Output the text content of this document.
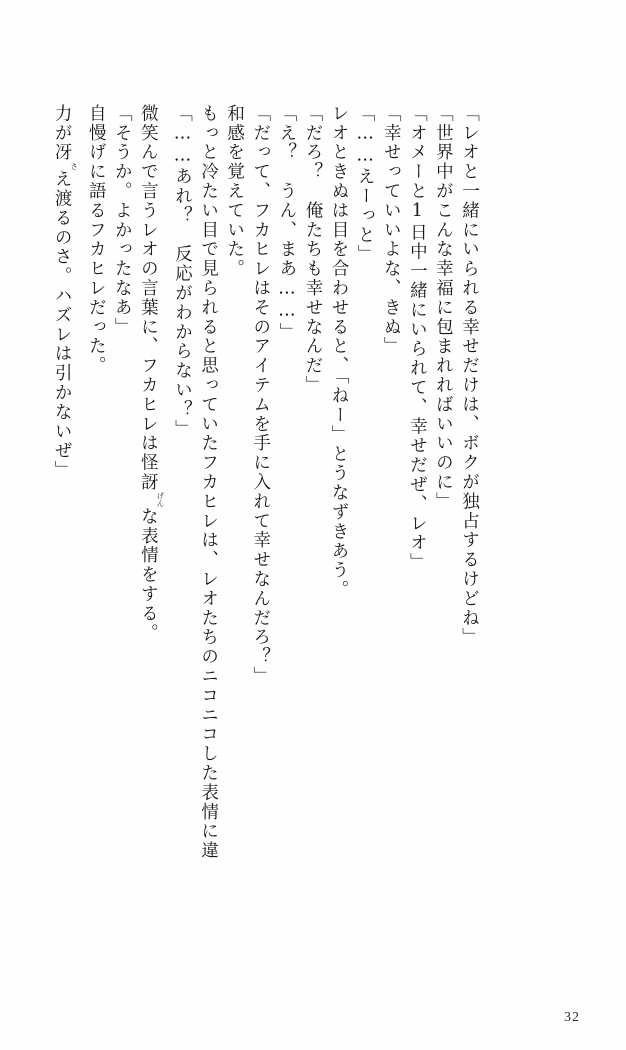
力が冴さえ渡るのさ。ハズレは引かないぜ」 自慢げに語るフカヒレだった。 「そうか。よかったなあ」 微笑んで言うレオの言葉に、フカヒレは怪訝げんな表情をする。
「……あれ？　反応がわからない？」 もっと冷たい目で見られると思っていたフカヒレは、レオたちのニコニコした表情に違 和感を覚えていた。 「だって、フカヒレはそのアイテムを手に入れて幸せなんだろ？」 「え？　うん、まあ……」 「だろ？　俺たちも幸せなんだ」 レオときぬは目を合わせると、「ねー」とうなずきあう。 「……えーっと」 「幸せっていいよな、きぬ」 「オメーと1日中一緒にいられて、幸せだぜ、レオ」 「世界中がこんな幸福に包まれればいいのに」 「レオと一緒にいられる幸せだけは、ボクが独占するけどね」
32
